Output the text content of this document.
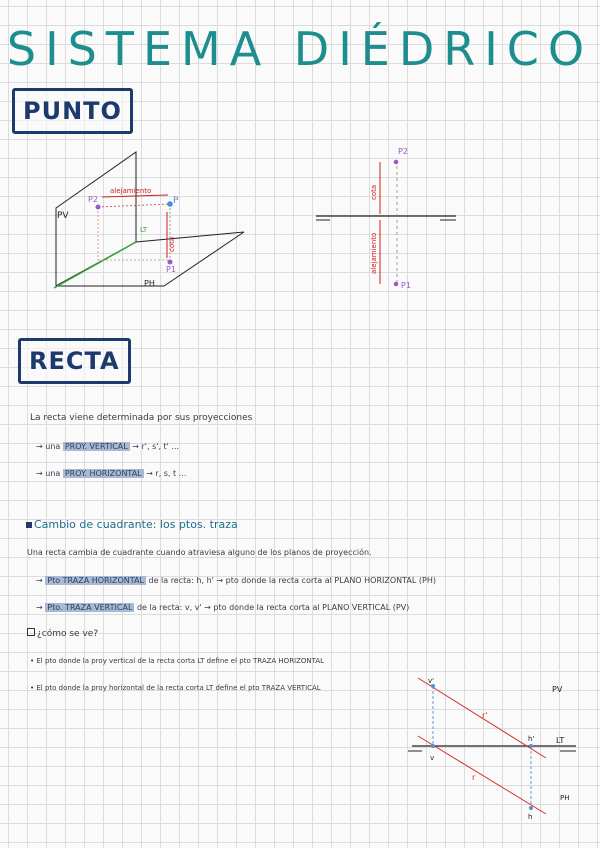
SISTEMA DIÉDRICO
PUNTO
LT
PV
PH
alejamiento
cota
P2	P
P1
cota
alejamiento
P2
P1
RECTA
La recta viene determinada por sus proyecciones
→ una PROY. VERTICAL → r', s', t' ...
→ una PROY. HORIZONTAL → r, s, t ...
Cambio de cuadrante: los ptos. traza
Una recta cambia de cuadrante cuando atraviesa alguno de los planos de proyección.
→ Pto TRAZA HORIZONTAL de la recta: h, h' → pto donde la recta corta al PLANO HORIZONTAL (PH)
→ Pto. TRAZA VERTICAL de la recta: v, v' → pto donde la recta corta al PLANO VERTICAL (PV)
¿cómo se ve?
• El pto donde la proy vertical de la recta corta LT define el pto TRAZA HORIZONTAL
• El pto donde la proy horizontal de la recta corta LT define el pto TRAZA VERTICAL
LT
PV
PH
r'
r
v'
v
h'
h
